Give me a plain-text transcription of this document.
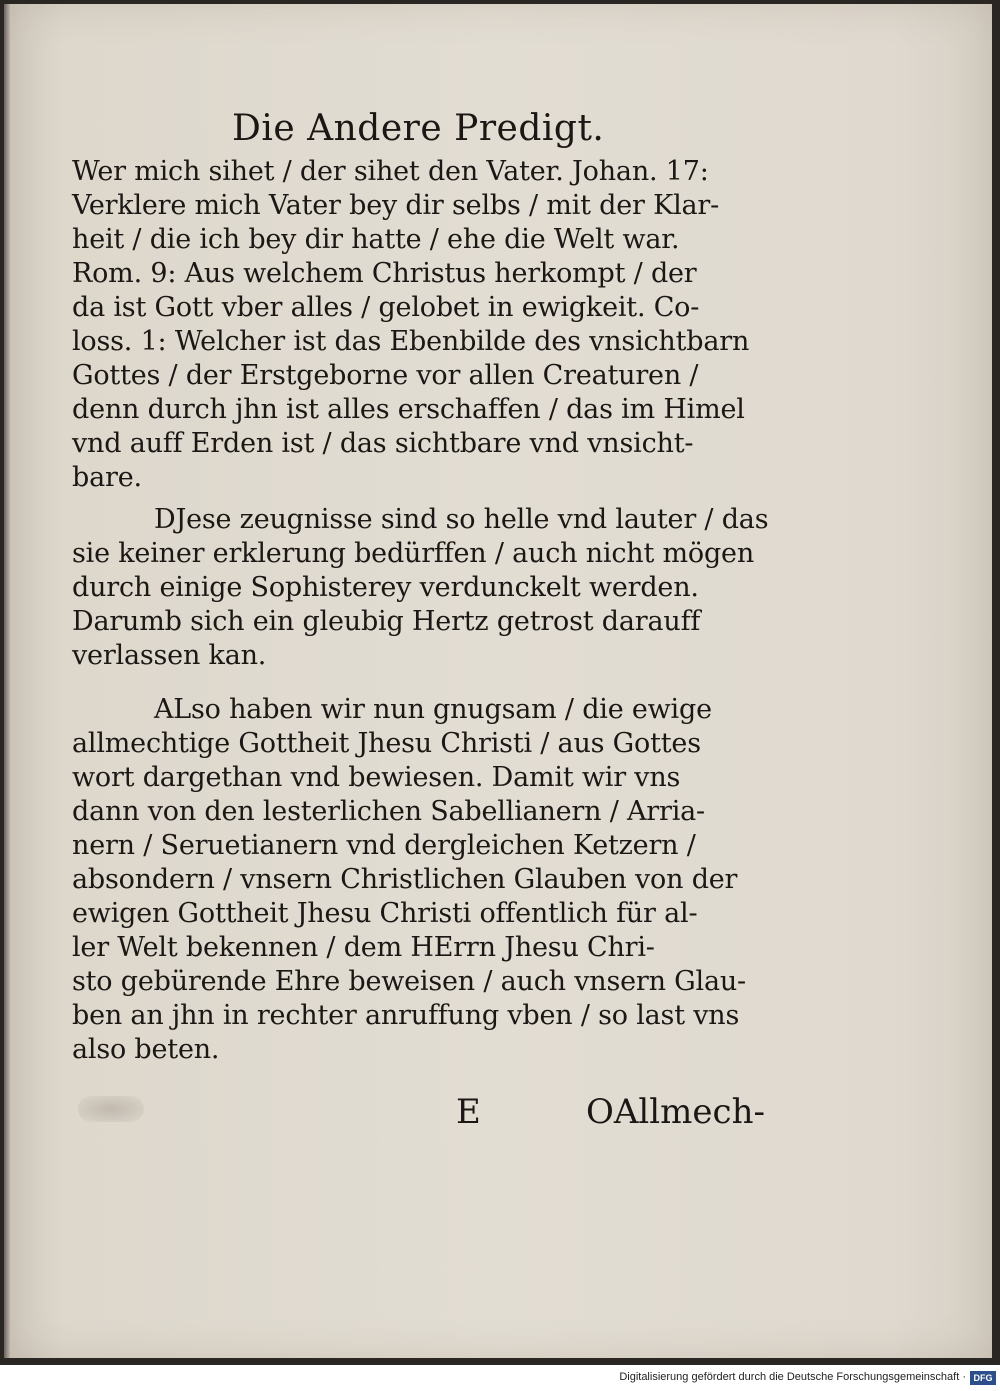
Die Andere Predigt.
Wer mich sihet / der sihet den Vater. Johan. 17:
Verklere mich Vater bey dir selbs / mit der Klar-
heit / die ich bey dir hatte / ehe die Welt war.
Rom. 9: Aus welchem Christus herkompt / der
da ist Gott vber alles / gelobet in ewigkeit. Co-
loss. 1: Welcher ist das Ebenbilde des vnsichtbarn
Gottes / der Erstgeborne vor allen Creaturen /
denn durch jhn ist alles erschaffen / das im Himel
vnd auff Erden ist / das sichtbare vnd vnsicht-
bare.
DJese zeugnisse sind so helle vnd lauter / das
sie keiner erklerung bedürffen / auch nicht mögen
durch einige Sophisterey verdunckelt werden.
Darumb sich ein gleubig Hertz getrost darauff
verlassen kan.
ALso haben wir nun gnugsam / die ewige
allmechtige Gottheit Jhesu Christi / aus Gottes
wort dargethan vnd bewiesen. Damit wir vns
dann von den lesterlichen Sabellianern / Arria-
nern / Seruetianern vnd dergleichen Ketzern /
absondern / vnsern Christlichen Glauben von der
ewigen Gottheit Jhesu Christi offentlich für al-
ler Welt bekennen / dem HErrn Jhesu Chri-
sto gebürende Ehre beweisen / auch vnsern Glau-
ben an jhn in rechter anruffung vben / so last vns
also beten.
E	OAllmech-
Digitalisierung gefördert durch die Deutsche Forschungsgemeinschaft · DFG
